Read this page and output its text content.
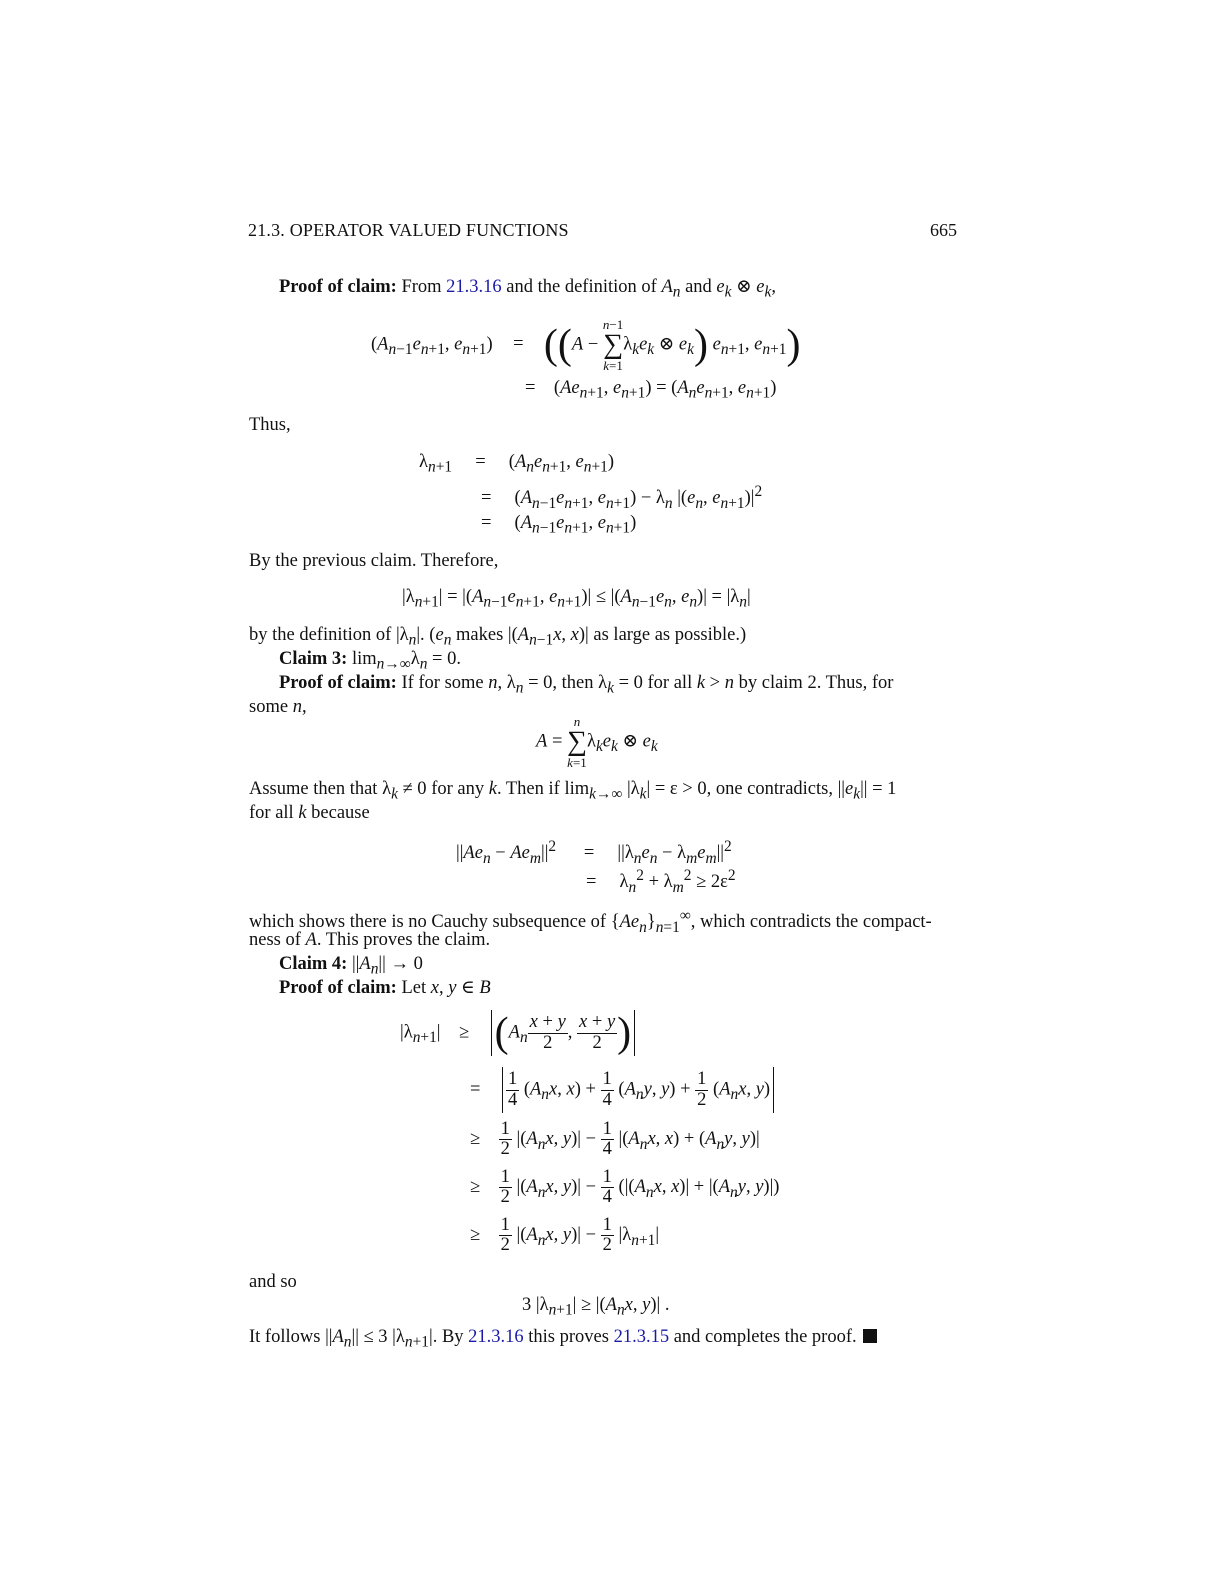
21.3. OPERATOR VALUED FUNCTIONS	665
Proof of claim: From 21.3.16 and the definition of $A_n$ and $e_k$ ⊗ $e_k$,
($A_{n-1}e_{n+1}$, $e_{n+1}) = ((A$ −
n−1
∑
k=1
$\lambda_ke_k$ ⊗ $e_k$) $e_{n+1}$, $e_{n+1}$)
=    ($Ae_{n+1}$, $e_{n+1}) = (A_ne_{n+1}$, $e_{n+1}$)
Thus,
$\lambda_{n+1}$     =     ($A_ne_{n+1}$, $e_{n+1}$)
=     ($A_{n-1}e_{n+1}$, $e_{n+1}) - \lambda_n$ $|(e_n$, $e_{n+1})|^2$
=     ($A_{n-1}e_{n+1}$, $e_{n+1}$)
By the previous claim. Therefore,
$|\lambda_{n+1}| = |(A_{n-1}e_{n+1}$, $e_{n+1})| \le |(A_{n-1}e_n$, $e_n)| = |\lambda_n|$
by the definition of $|\lambda_n|$. ($e_n$ makes $|(A_{n-1}x$, x)| as large as possible.)
Claim 3: $\lim_{n\to\infty}\lambda_n = 0$.
Proof of claim: If for some n, $\lambda_n = 0$, then $\lambda_k = 0$ for all k > n by claim 2. Thus, for
some n,
A =
n
∑
k=1
$\lambda_ke_k$ ⊗ $e_k$
Assume then that $\lambda_k \ne 0$ for any k. Then if $\lim_{k\to\infty} |\lambda_k| = \varepsilon > 0$, one contradicts, $||e_k|| = 1$
for all k because
$||Ae_n - Ae_m||^2$      =     $||\lambda_ne_n - \lambda_me_m||^2$
=     $\lambda_n^2 + \lambda_m^2 \ge 2\varepsilon^2$
which shows there is no Cauchy subsequence of $\{Ae_n\}_{n=1}^\infty$, which contradicts the compact-
ness of A. This proves the claim.
Claim 4: $||A_n|| \to 0$
Proof of claim: Let x, y ∈ B
$|\lambda_{n+1}|$    ≥    ($A_n \frac{x + y}{2}$ , $\frac{x + y}{2}$ )
= $\frac{1}{4} (A_nx$, $x) + \frac{1}{4} (A_ny$, $y) + \frac{1}{2} (A_nx$, y)
≥ $\frac{1}{2} |(A_nx$, $y)| - \frac{1}{4} |(A_nx$, $x) + (A_ny$, y)|
≥ $\frac{1}{2} |(A_nx$, $y)| - \frac{1}{4} (|(A_nx$, $x)| + |(A_ny$, y)|)
≥ $\frac{1}{2} |(A_nx$, $y)| - \frac{1}{2} |\lambda_{n+1}|$
and so
3 $|\lambda_{n+1}| \ge |(A_nx$, y)| .
It follows $||A_n|| \le 3$ $|\lambda_{n+1}|$. By 21.3.16 this proves 21.3.15 and completes the proof.
